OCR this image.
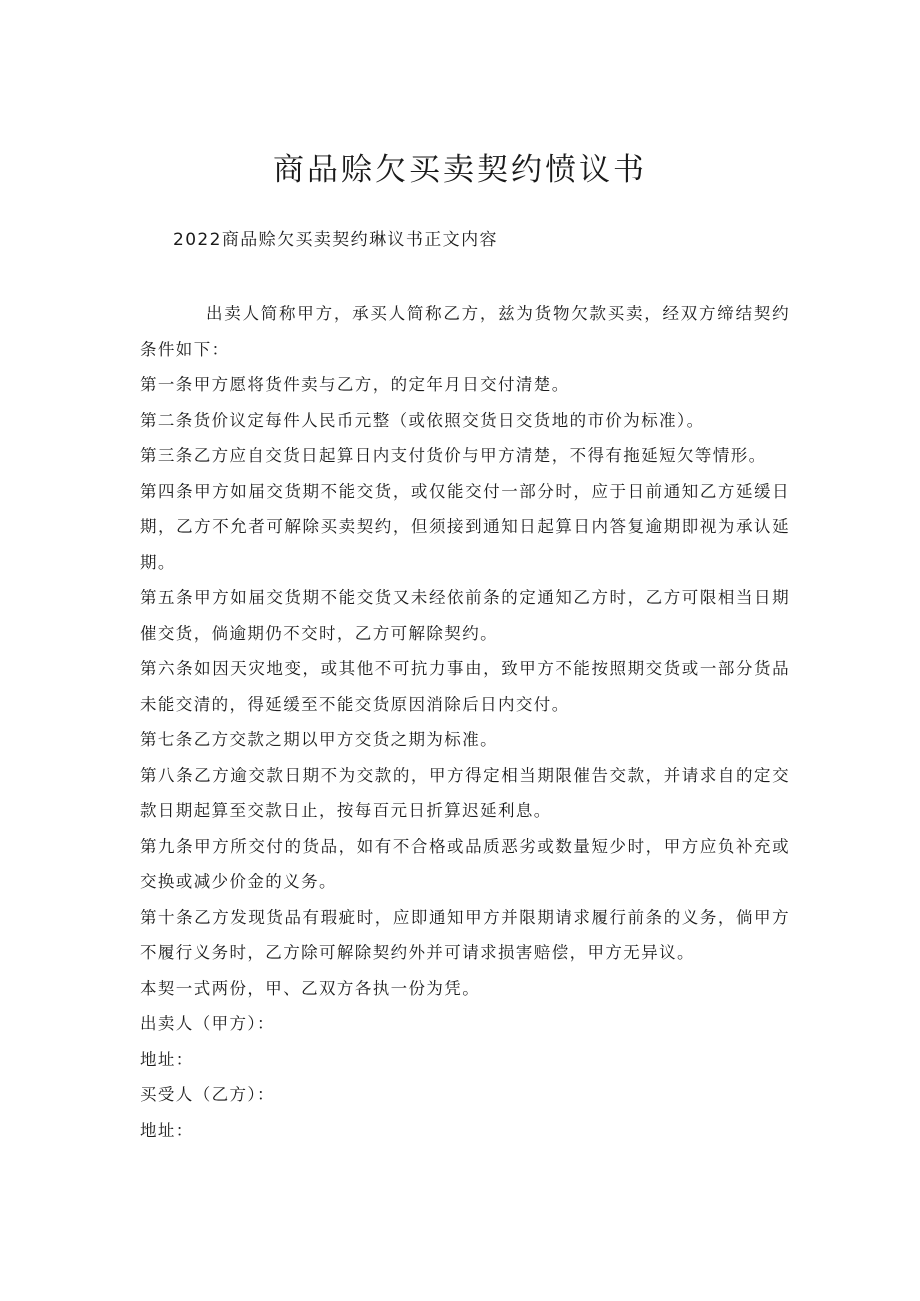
商品赊欠买卖契约愤议书
2022商品赊欠买卖契约琳议书正文内容

出卖人简称甲方，承买人简称乙方，兹为货物欠款买卖，经双方缔结契约条件如下：

第一条甲方愿将货件卖与乙方，的定年月日交付清楚。

第二条货价议定每件人民币元整（或依照交货日交货地的市价为标准）。

第三条乙方应自交货日起算日内支付货价与甲方清楚，不得有拖延短欠等情形。

第四条甲方如届交货期不能交货，或仅能交付一部分时，应于日前通知乙方延缓日期，乙方不允者可解除买卖契约，但须接到通知日起算日内答复逾期即视为承认延期。

第五条甲方如届交货期不能交货又未经依前条的定通知乙方时，乙方可限相当日期催交货，倘逾期仍不交时，乙方可解除契约。

第六条如因天灾地变，或其他不可抗力事由，致甲方不能按照期交货或一部分货品未能交清的，得延缓至不能交货原因消除后日内交付。

第七条乙方交款之期以甲方交货之期为标准。

第八条乙方逾交款日期不为交款的，甲方得定相当期限催告交款，并请求自的定交款日期起算至交款日止，按每百元日折算迟延利息。

第九条甲方所交付的货品，如有不合格或品质恶劣或数量短少时，甲方应负补充或交换或减少价金的义务。

第十条乙方发现货品有瑕疵时，应即通知甲方并限期请求履行前条的义务，倘甲方不履行义务时，乙方除可解除契约外并可请求损害赔偿，甲方无异议。

本契一式两份，甲、乙双方各执一份为凭。

出卖人（甲方）：

地址：

买受人（乙方）：

地址：
